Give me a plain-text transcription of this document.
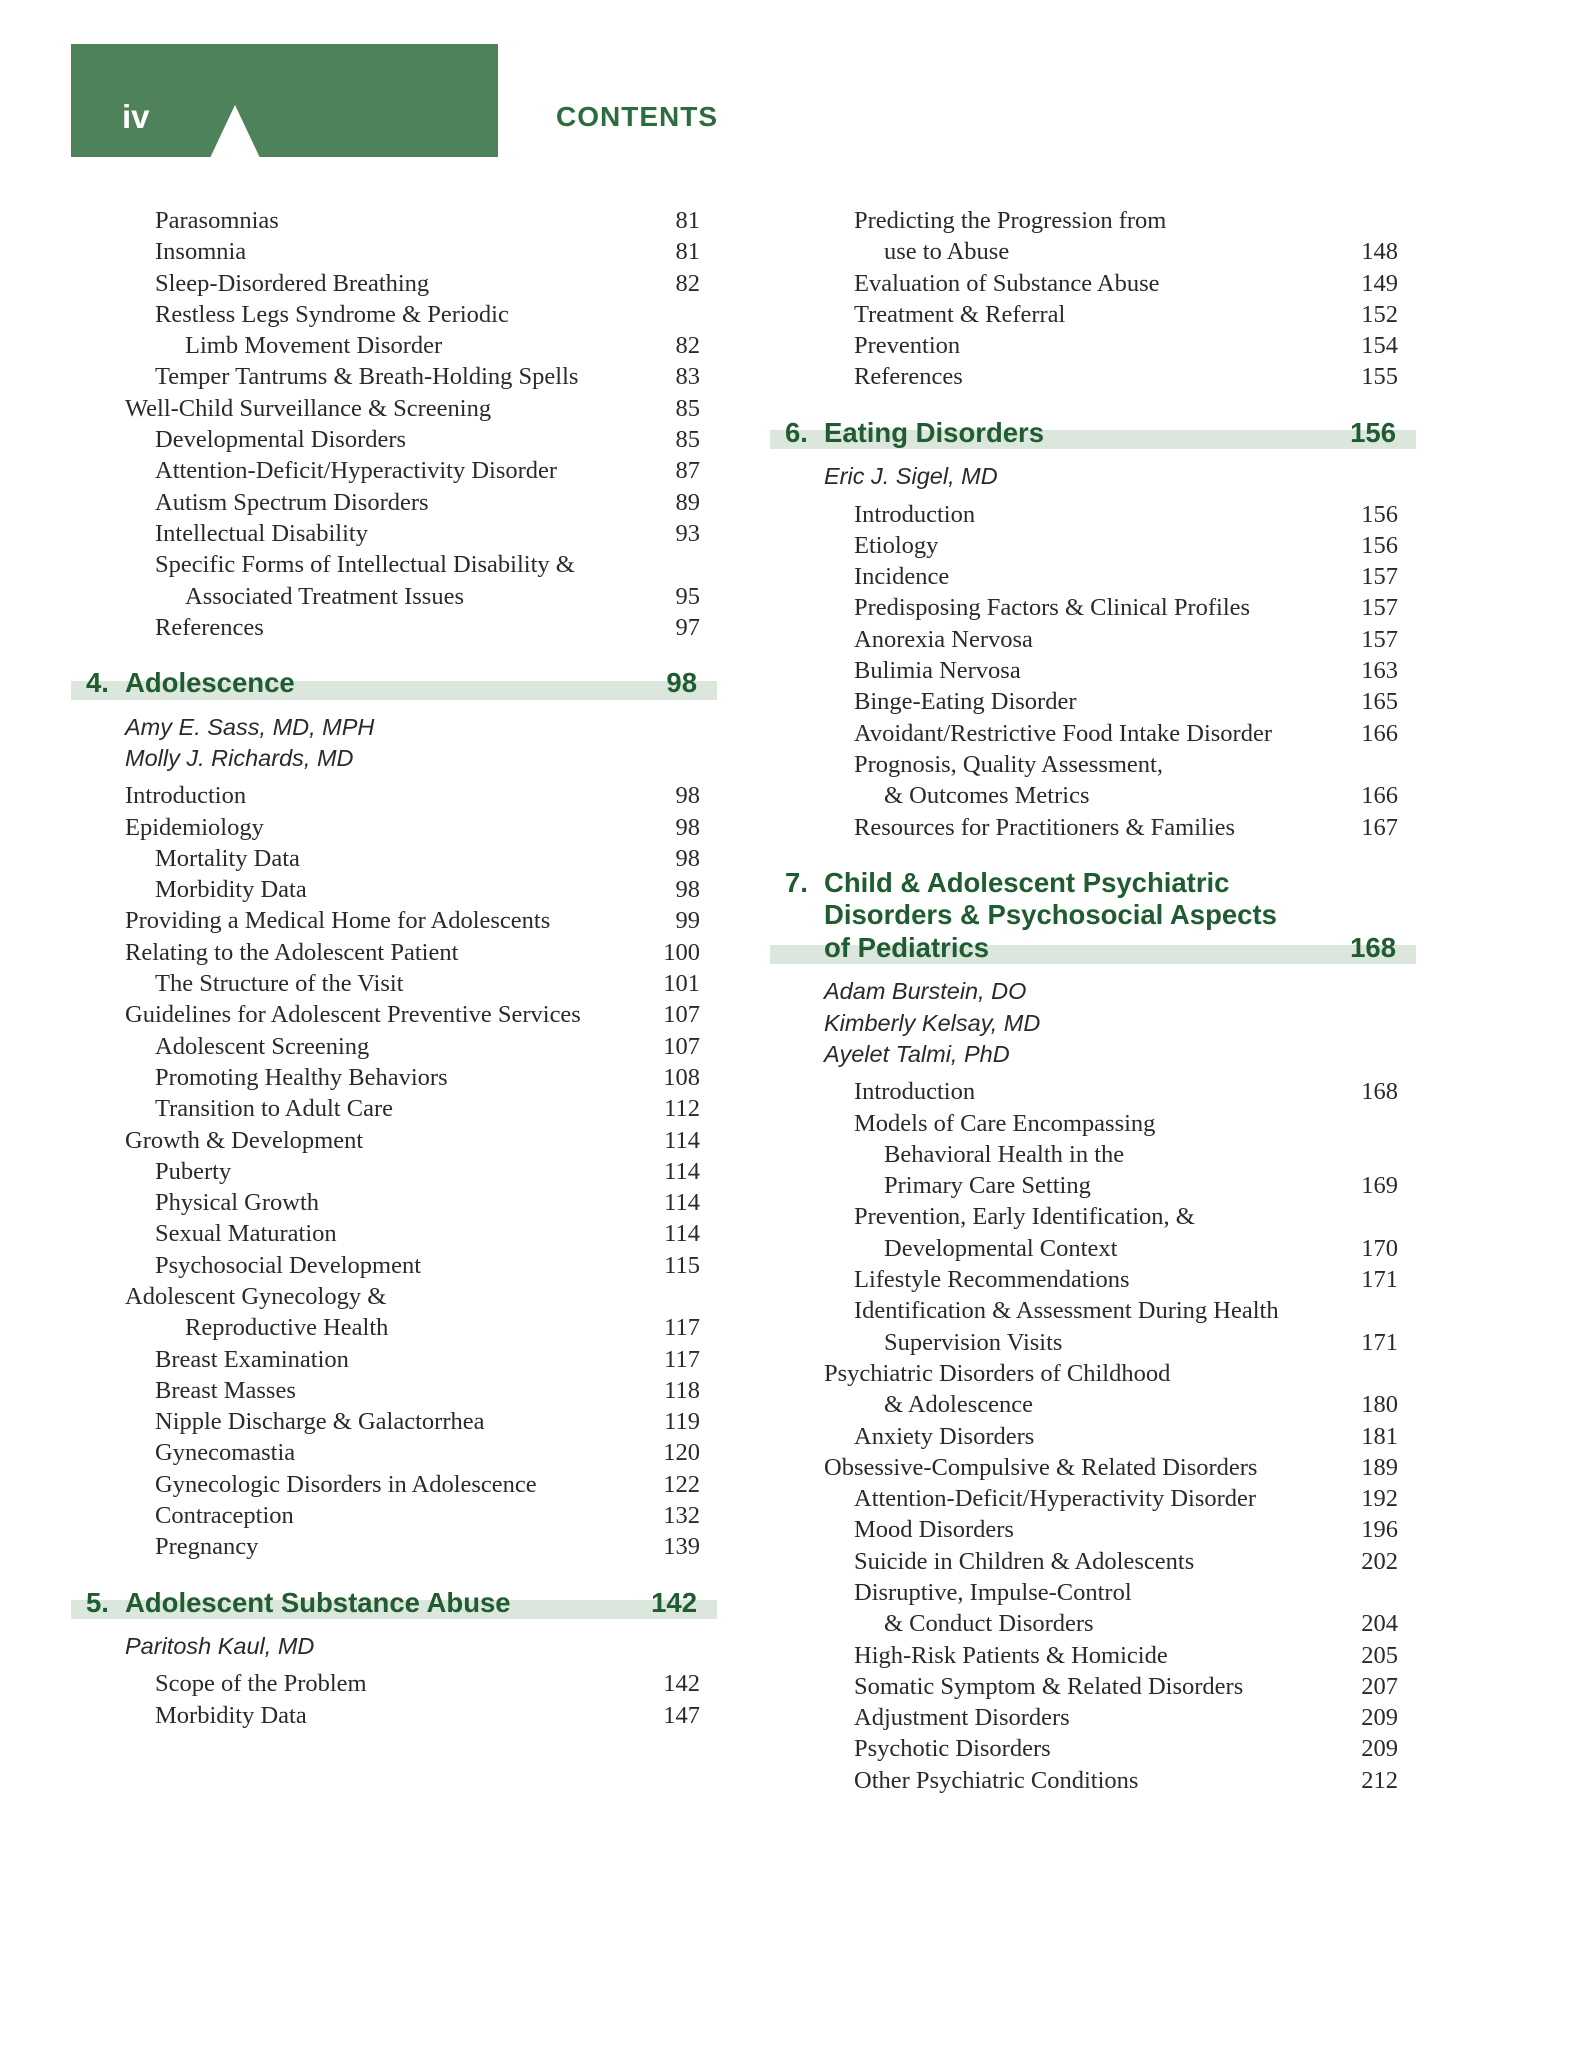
iv	CONTENTS
Parasomnias	81
Insomnia	81
Sleep-Disordered Breathing	82
Restless Legs Syndrome & Periodic
Limb Movement Disorder	82
Temper Tantrums & Breath-Holding Spells	83
Well-Child Surveillance & Screening	85
Developmental Disorders	85
Attention-Deficit/Hyperactivity Disorder	87
Autism Spectrum Disorders	89
Intellectual Disability	93
Specific Forms of Intellectual Disability &
Associated Treatment Issues	95
References	97
4. Adolescence	98
Amy E. Sass, MD, MPH
Molly J. Richards, MD
Introduction	98
Epidemiology	98
Mortality Data	98
Morbidity Data	98
Providing a Medical Home for Adolescents	99
Relating to the Adolescent Patient	100
The Structure of the Visit	101
Guidelines for Adolescent Preventive Services	107
Adolescent Screening	107
Promoting Healthy Behaviors	108
Transition to Adult Care	112
Growth & Development	114
Puberty	114
Physical Growth	114
Sexual Maturation	114
Psychosocial Development	115
Adolescent Gynecology &
Reproductive Health	117
Breast Examination	117
Breast Masses	118
Nipple Discharge & Galactorrhea	119
Gynecomastia	120
Gynecologic Disorders in Adolescence	122
Contraception	132
Pregnancy	139
5. Adolescent Substance Abuse	142
Paritosh Kaul, MD
Scope of the Problem	142
Morbidity Data	147
Predicting the Progression from
use to Abuse	148
Evaluation of Substance Abuse	149
Treatment & Referral	152
Prevention	154
References	155
6. Eating Disorders	156
Eric J. Sigel, MD
Introduction	156
Etiology	156
Incidence	157
Predisposing Factors & Clinical Profiles	157
Anorexia Nervosa	157
Bulimia Nervosa	163
Binge-Eating Disorder	165
Avoidant/Restrictive Food Intake Disorder	166
Prognosis, Quality Assessment,
& Outcomes Metrics	166
Resources for Practitioners & Families	167
7. Child & Adolescent Psychiatric
Disorders & Psychosocial Aspects
of Pediatrics	168
Adam Burstein, DO
Kimberly Kelsay, MD
Ayelet Talmi, PhD
Introduction	168
Models of Care Encompassing
Behavioral Health in the
Primary Care Setting	169
Prevention, Early Identification, &
Developmental Context	170
Lifestyle Recommendations	171
Identification & Assessment During Health
Supervision Visits	171
Psychiatric Disorders of Childhood
& Adolescence	180
Anxiety Disorders	181
Obsessive-Compulsive & Related Disorders	189
Attention-Deficit/Hyperactivity Disorder	192
Mood Disorders	196
Suicide in Children & Adolescents	202
Disruptive, Impulse-Control
& Conduct Disorders	204
High-Risk Patients & Homicide	205
Somatic Symptom & Related Disorders	207
Adjustment Disorders	209
Psychotic Disorders	209
Other Psychiatric Conditions	212
